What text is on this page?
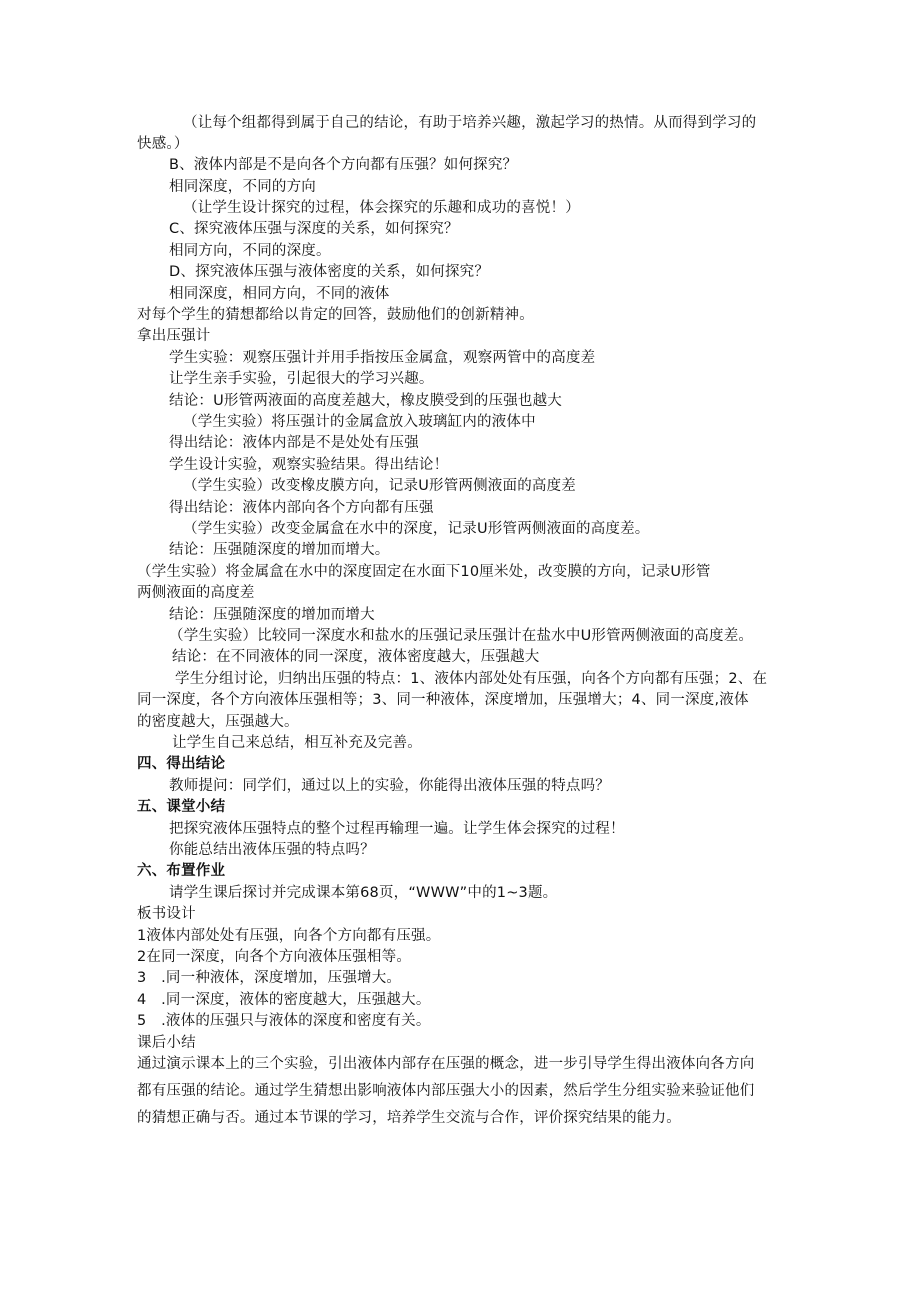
（让每个组都得到属于自己的结论，有助于培养兴趣，激起学习的热情。从而得到学习的
快感。）
B、液体内部是不是向各个方向都有压强？如何探究？
相同深度，不同的方向
（让学生设计探究的过程，体会探究的乐趣和成功的喜悦！）
C、探究液体压强与深度的关系，如何探究？
相同方向，不同的深度。
D、探究液体压强与液体密度的关系，如何探究？
相同深度，相同方向，不同的液体
对每个学生的猜想都给以肯定的回答，鼓励他们的创新精神。
拿出压强计
学生实验：观察压强计并用手指按压金属盒，观察两管中的高度差
让学生亲手实验，引起很大的学习兴趣。
结论：U形管两液面的高度差越大，橡皮膜受到的压强也越大
（学生实验）将压强计的金属盒放入玻璃缸内的液体中
得出结论：液体内部是不是处处有压强
学生设计实验，观察实验结果。得出结论！
（学生实验）改变橡皮膜方向，记录U形管两侧液面的高度差
得出结论：液体内部向各个方向都有压强
（学生实验）改变金属盒在水中的深度，记录U形管两侧液面的高度差。
结论：压强随深度的增加而增大。
（学生实验）将金属盒在水中的深度固定在水面下10厘米处，改变膜的方向，记录U形管
两侧液面的高度差
结论：压强随深度的增加而增大
（学生实验）比较同一深度水和盐水的压强记录压强计在盐水中U形管两侧液面的高度差。
结论：在不同液体的同一深度，液体密度越大，压强越大
学生分组讨论，归纳出压强的特点：1、液体内部处处有压强，向各个方向都有压强；2、在
同一深度，各个方向液体压强相等；3、同一种液体，深度增加，压强增大；4、同一深度,液体
的密度越大，压强越大。
让学生自己来总结，相互补充及完善。
四、得出结论
教师提问：同学们，通过以上的实验，你能得出液体压强的特点吗？
五、课堂小结
把探究液体压强特点的整个过程再输理一遍。让学生体会探究的过程！
你能总结出液体压强的特点吗？
六、布置作业
请学生课后探讨并完成课本第68页，“WWW”中的1~3题。
板书设计
1液体内部处处有压强，向各个方向都有压强。
2在同一深度，向各个方向液体压强相等。
3　.同一种液体，深度增加，压强增大。
4　.同一深度，液体的密度越大，压强越大。
5　.液体的压强只与液体的深度和密度有关。
课后小结
通过演示课本上的三个实验，引出液体内部存在压强的概念，进一步引导学生得出液体向各方向
都有压强的结论。通过学生猜想出影响液体内部压强大小的因素，然后学生分组实验来验证他们
的猜想正确与否。通过本节课的学习，培养学生交流与合作，评价探究结果的能力。
